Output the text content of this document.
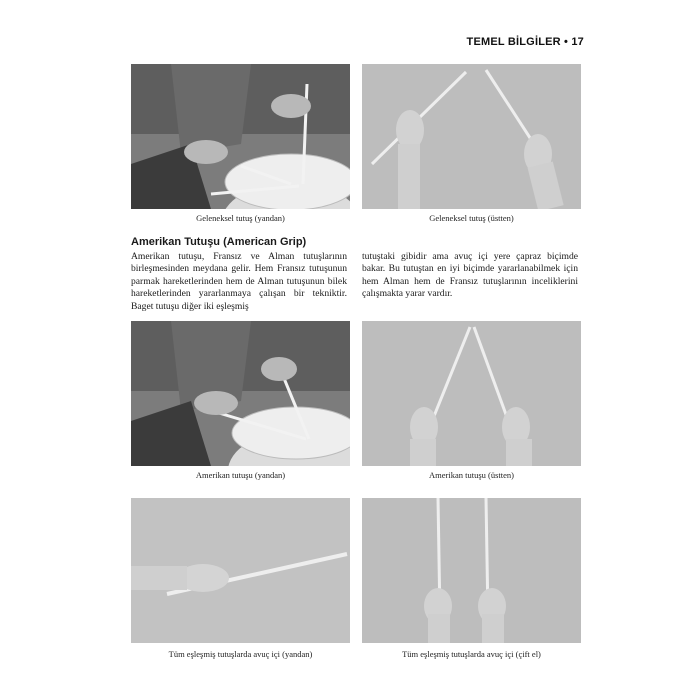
TEMEL BİLGİLER • 17
Geleneksel tutuş (yandan)	Geleneksel tutuş (üstten)
Amerikan Tutuşu (American Grip)
Amerikan tutuşu, Fransız ve Alman tutuşlarının birleşmesinden meydana gelir. Hem Fransız tutuşunun parmak hareketlerinden hem de Alman tutuşunun bilek hareketlerinden yararlanmaya çalışan bir tekniktir. Baget tutuşu diğer iki eşleşmiş
tutuştaki gibidir ama avuç içi yere çapraz biçimde bakar. Bu tutuştan en iyi biçimde yararlanabilmek için hem Alman hem de Fransız tutuşlarının inceliklerini çalışmakta yarar vardır.
Amerikan tutuşu (yandan)	Amerikan tutuşu (üstten)
Tüm eşleşmiş tutuşlarda avuç içi (yandan)	Tüm eşleşmiş tutuşlarda avuç içi (çift el)
